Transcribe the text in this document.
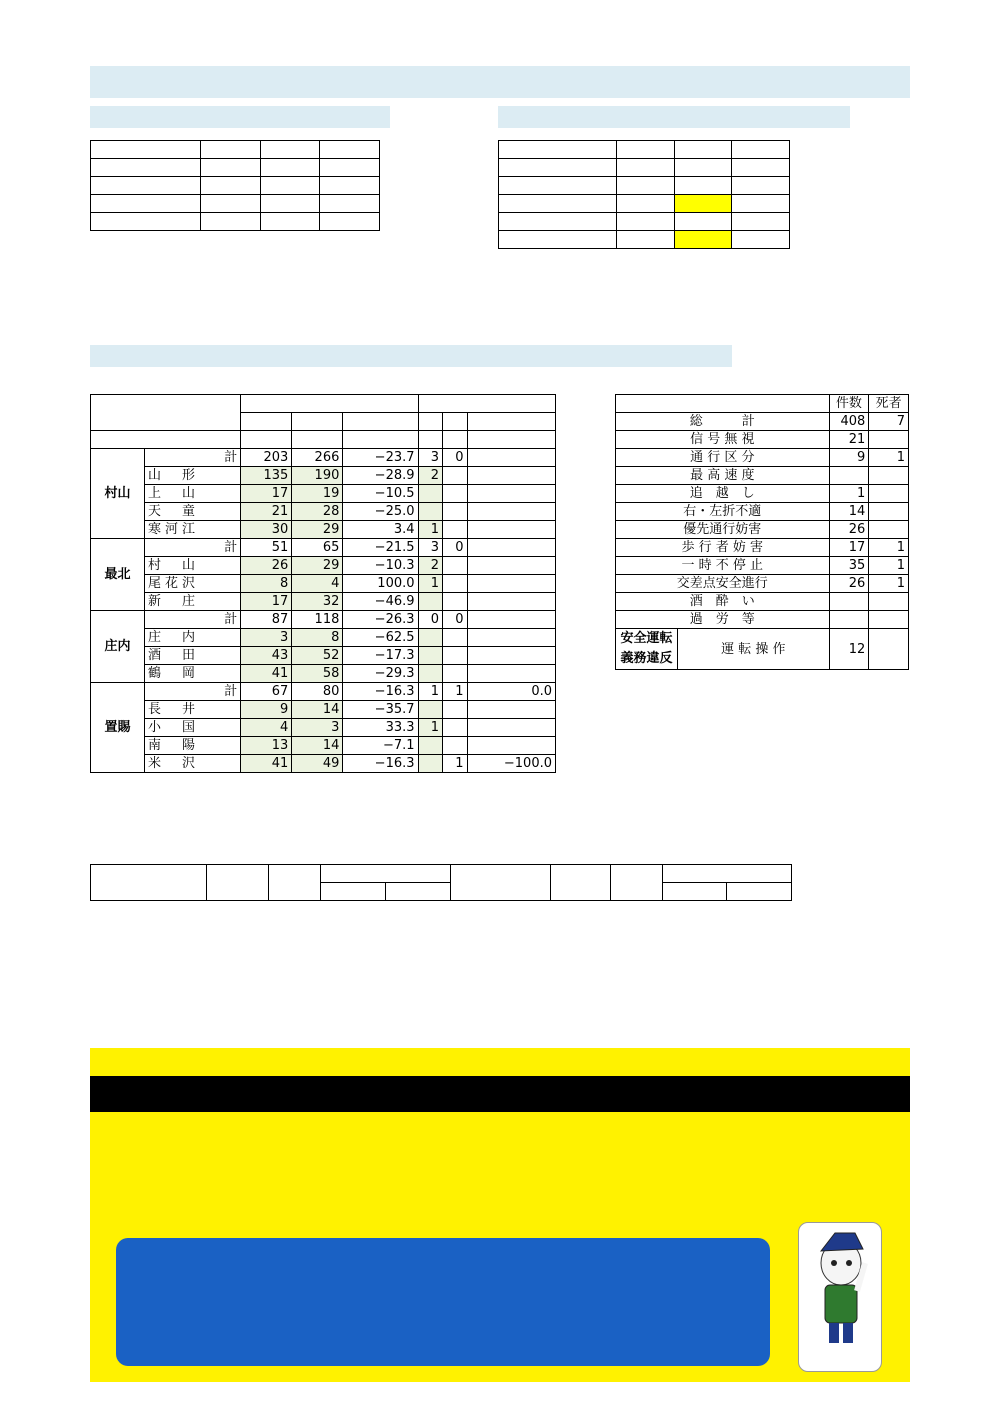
村山	計	203	266	−23.7	3	0	
	山　形	135	190	−28.9	2		
	上　山	17	19	−10.5			
	天　童	21	28	−25.0			
	寒河江	30	29	3.4	1		
最北	計	51	65	−21.5	3	0	
	村　山	26	29	−10.3	2		
	尾花沢	8	4	100.0	1		
	新　庄	17	32	−46.9			
庄内	計	87	118	−26.3	0	0	
	庄　内	3	8	−62.5			
	酒　田	43	52	−17.3			
	鶴　岡	41	58	−29.3			
置賜	計	67	80	−16.3	1	1	0.0
	長　井	9	14	−35.7			
	小　国	4	3	33.3	1		
	南　陽	13	14	−7.1			
	米　沢	41	49	−16.3		1	−100.0
		件数	死者
総　　　計		408	7
信 号 無 視		21	
通 行 区 分		9	1
最 高 速 度			
追　越　し		1	
右・左折不適		14	
優先通行妨害		26	
歩 行 者 妨 害		17	1
一 時 不 停 止		35	1
交差点安全進行		26	1
酒　酔　い			
過　労　等			
安全運転義務違反	運 転 操 作	12	
